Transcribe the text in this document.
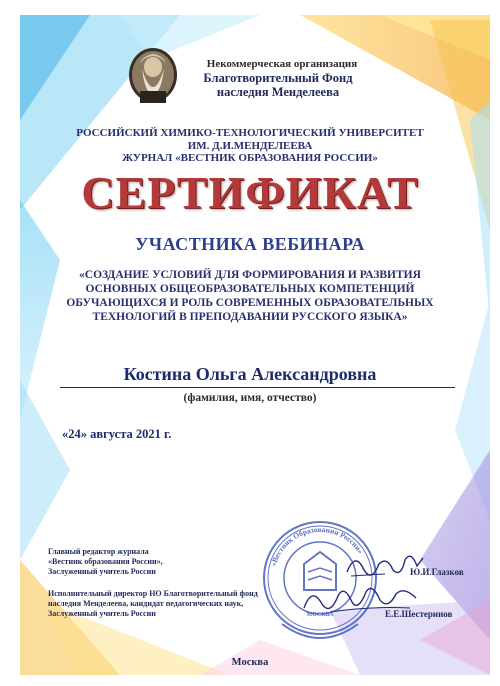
Некоммерческая организация
Благотворительный Фонд
наследия Менделеева
РОССИЙСКИЙ ХИМИКО-ТЕХНОЛОГИЧЕСКИЙ УНИВЕРСИТЕТ
ИМ. Д.И.МЕНДЕЛЕЕВА
ЖУРНАЛ «ВЕСТНИК ОБРАЗОВАНИЯ РОССИИ»
СЕРТИФИКАТ
УЧАСТНИКА ВЕБИНАРА
«СОЗДАНИЕ УСЛОВИЙ ДЛЯ ФОРМИРОВАНИЯ И РАЗВИТИЯ
ОСНОВНЫХ ОБЩЕОБРАЗОВАТЕЛЬНЫХ КОМПЕТЕНЦИЙ
ОБУЧАЮЩИХСЯ И РОЛЬ СОВРЕМЕННЫХ ОБРАЗОВАТЕЛЬНЫХ
ТЕХНОЛОГИЙ В ПРЕПОДАВАНИИ РУССКОГО ЯЗЫКА»
Костина Ольга Александровна
(фамилия, имя, отчество)
«24» августа 2021 г.
«Вестник Образования России»
МОСКВА
Главный редактор журнала
«Вестник образования России»,
Заслуженный учитель России	Ю.И.Глазков
Исполнительный директор НО Благотворительный фонд
наследия Менделеева, кандидат педагогических наук,
Заслуженный учитель России	Е.Е.Шестеринов
Москва
